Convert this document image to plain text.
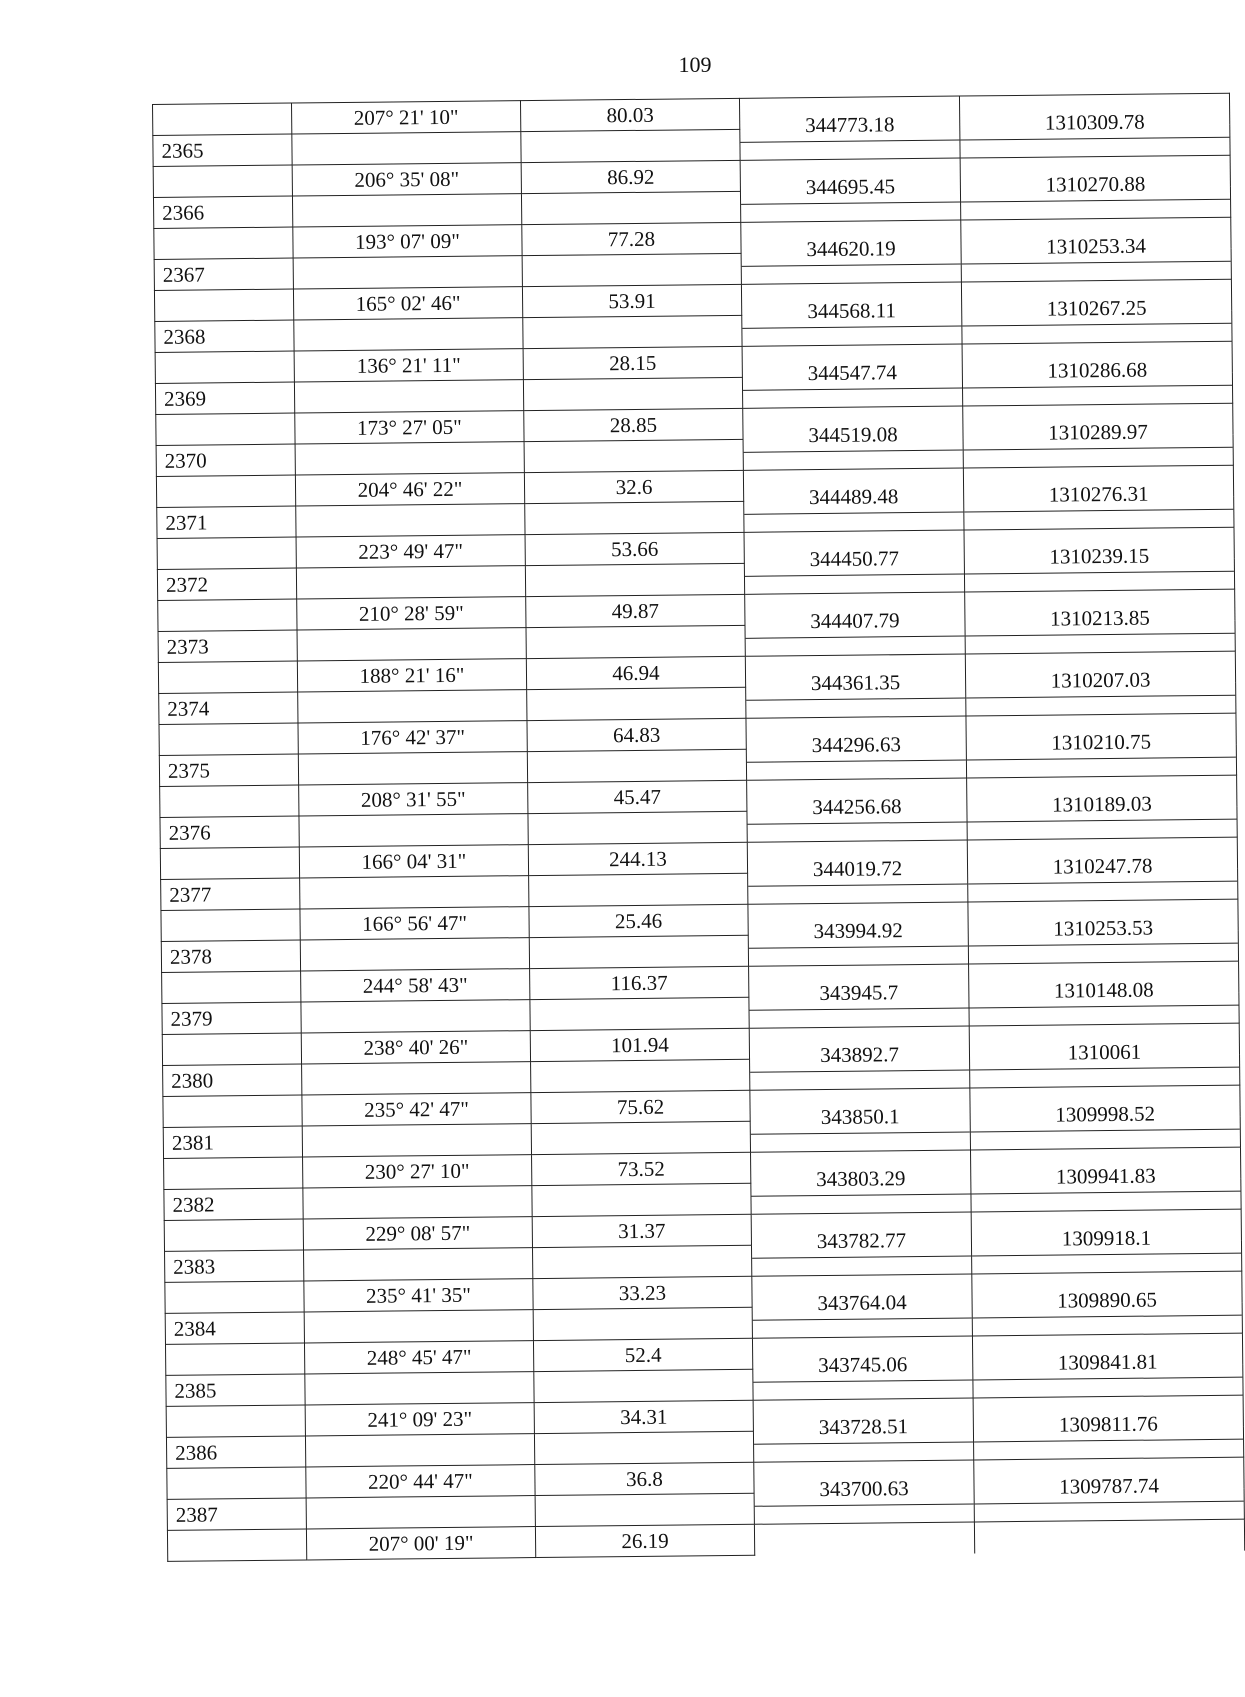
109
	207° 21' 10"	80.03		
2365			344773.18	1310309.78
	206° 35' 08"	86.92		
2366			344695.45	1310270.88
	193° 07' 09"	77.28		
2367			344620.19	1310253.34
	165° 02' 46"	53.91		
2368			344568.11	1310267.25
	136° 21' 11"	28.15		
2369			344547.74	1310286.68
	173° 27' 05"	28.85		
2370			344519.08	1310289.97
	204° 46' 22"	32.6		
2371			344489.48	1310276.31
	223° 49' 47"	53.66		
2372			344450.77	1310239.15
	210° 28' 59"	49.87		
2373			344407.79	1310213.85
	188° 21' 16"	46.94		
2374			344361.35	1310207.03
	176° 42' 37"	64.83		
2375			344296.63	1310210.75
	208° 31' 55"	45.47		
2376			344256.68	1310189.03
	166° 04' 31"	244.13		
2377			344019.72	1310247.78
	166° 56' 47"	25.46		
2378			343994.92	1310253.53
	244° 58' 43"	116.37		
2379			343945.7	1310148.08
	238° 40' 26"	101.94		
2380			343892.7	1310061
	235° 42' 47"	75.62		
2381			343850.1	1309998.52
	230° 27' 10"	73.52		
2382			343803.29	1309941.83
	229° 08' 57"	31.37		
2383			343782.77	1309918.1
	235° 41' 35"	33.23		
2384			343764.04	1309890.65
	248° 45' 47"	52.4		
2385			343745.06	1309841.81
	241° 09' 23"	34.31		
2386			343728.51	1309811.76
	220° 44' 47"	36.8		
2387			343700.63	1309787.74
	207° 00' 19"	26.19		
